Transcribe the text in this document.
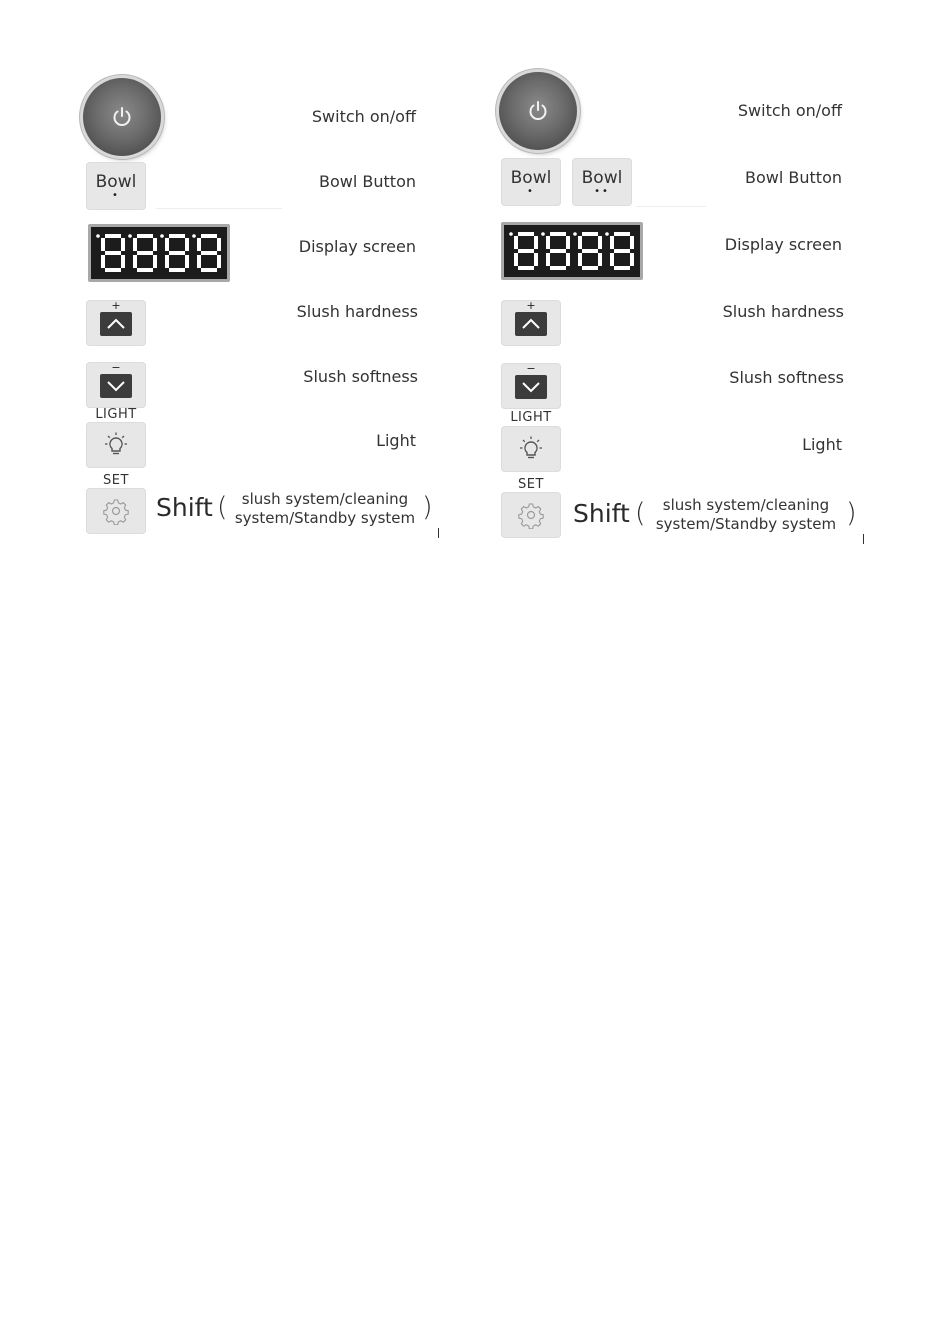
Switch on/off
Bowl
•
Bowl Button
Display screen
+	Slush hardness
−	Slush softness
LIGHT
Light
SET
Shift ( slush system/cleaning
system/Standby system )
Switch on/off
Bowl
•
Bowl
••
Bowl Button
Display screen
+	Slush hardness
−	Slush softness
LIGHT
Light
SET
Shift (	slush system/cleaning
system/Standby system )
